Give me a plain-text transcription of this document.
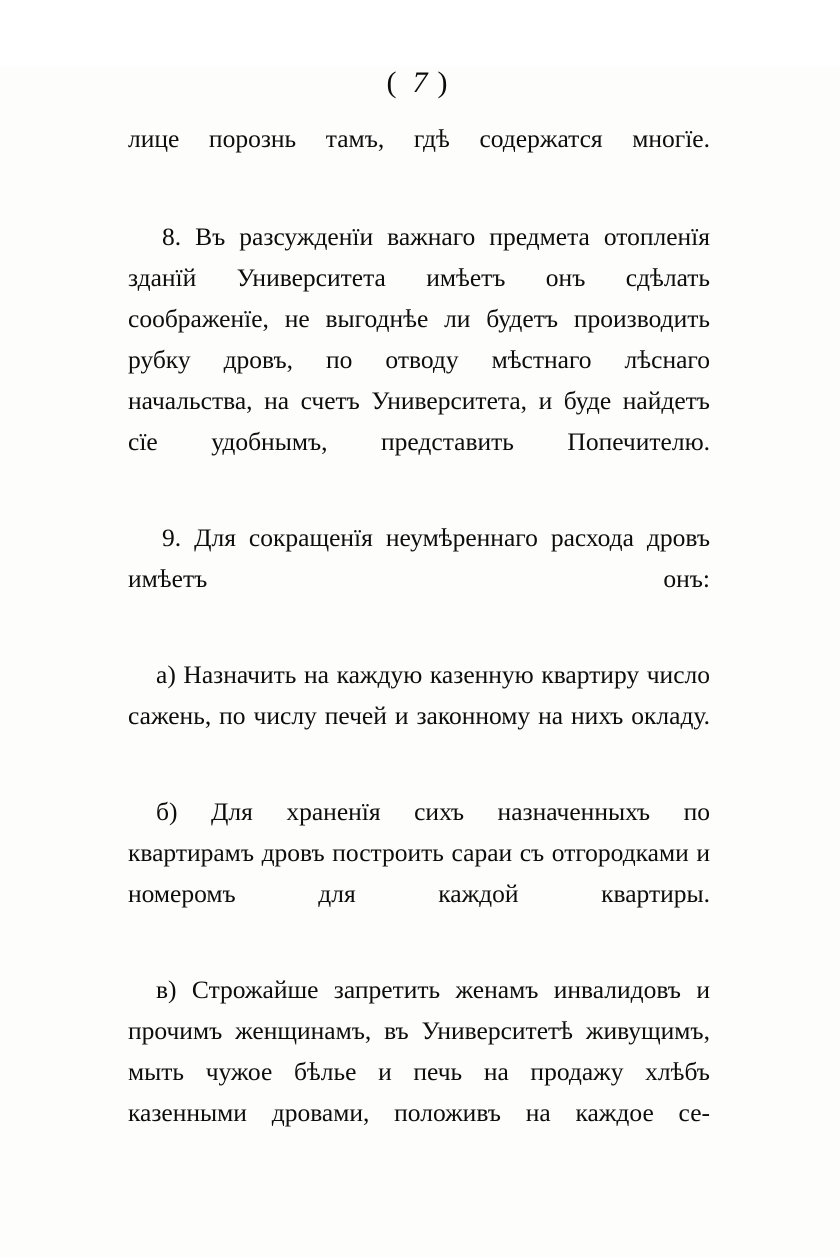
( 7 )

лице порознь тамъ, гдѣ содержатся многїе.

8. Въ разсужденїи важнаго предмета отопленїя зданїй Университета имѣетъ онъ сдѣлать соображенїе, не выгоднѣе ли будетъ производить рубку дровъ, по отводу мѣстнаго лѣснаго начальства, на счетъ Университета, и буде найдетъ сїе удобнымъ, представить Попечителю.

9. Для сокращенїя неумѣреннаго расхода дровъ имѣетъ онъ:

а) Назначить на каждую казенную квартиру число сажень, по числу печей и законному на нихъ окладу.

б) Для храненїя сихъ назначенныхъ по квартирамъ дровъ построить сараи съ отгородками и номеромъ для каждой квартиры.

в) Строжайше запретить женамъ инвалидовъ и прочимъ женщинамъ, въ Университетѣ живущимъ, мыть чужое бѣлье и печь на продажу хлѣбъ казенными дровами, положивъ на каждое се-
